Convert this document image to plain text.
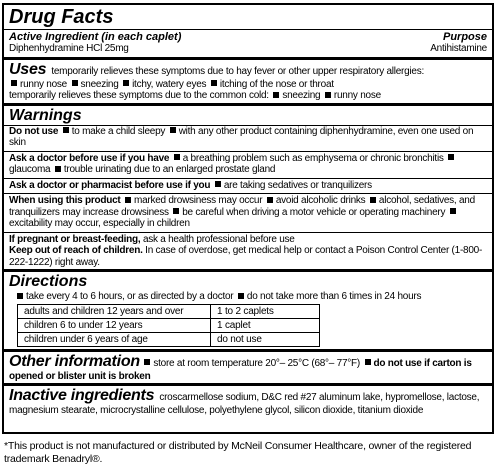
Drug Facts
Active Ingredient (in each caplet)	Purpose
Diphenhydramine HCl 25mg	Antihistamine
Uses temporarily relieves these symptoms due to hay fever or other upper respiratory allergies:
runny nose sneezing itchy, watery eyes itching of the nose or throat
temporarily relieves these symptoms due to the common cold: sneezing runny nose
Warnings
Do not use to make a child sleepy with any other product containing diphenhydramine, even one used on skin
Ask a doctor before use if you have a breathing problem such as emphysema or chronic bronchitis glaucoma trouble urinating due to an enlarged prostate gland
Ask a doctor or pharmacist before use if you are taking sedatives or tranquilizers
When using this product marked drowsiness may occur avoid alcoholic drinks alcohol, sedatives, and tranquilizers may increase drowsiness be careful when driving a motor vehicle or operating machinery excitability may occur, especially in children
If pregnant or breast-feeding, ask a health professional before use
Keep out of reach of children. In case of overdose, get medical help or contact a Poison Control Center (1-800-222-1222) right away.
Directions
take every 4 to 6 hours, or as directed by a doctor do not take more than 6 times in 24 hours
adults and children 12 years and over	1 to 2 caplets
children 6 to under 12 years	1 caplet
children under 6 years of age	do not use
Other information store at room temperature 20°– 25°C (68°– 77°F) do not use if carton is opened or blister unit is broken
Inactive ingredients croscarmellose sodium, D&C red #27 aluminum lake, hypromellose, lactose, magnesium stearate, microcrystalline cellulose, polyethylene glycol, silicon dioxide, titanium dioxide
*This product is not manufactured or distributed by McNeil Consumer Healthcare, owner of the registered trademark Benadryl®.
